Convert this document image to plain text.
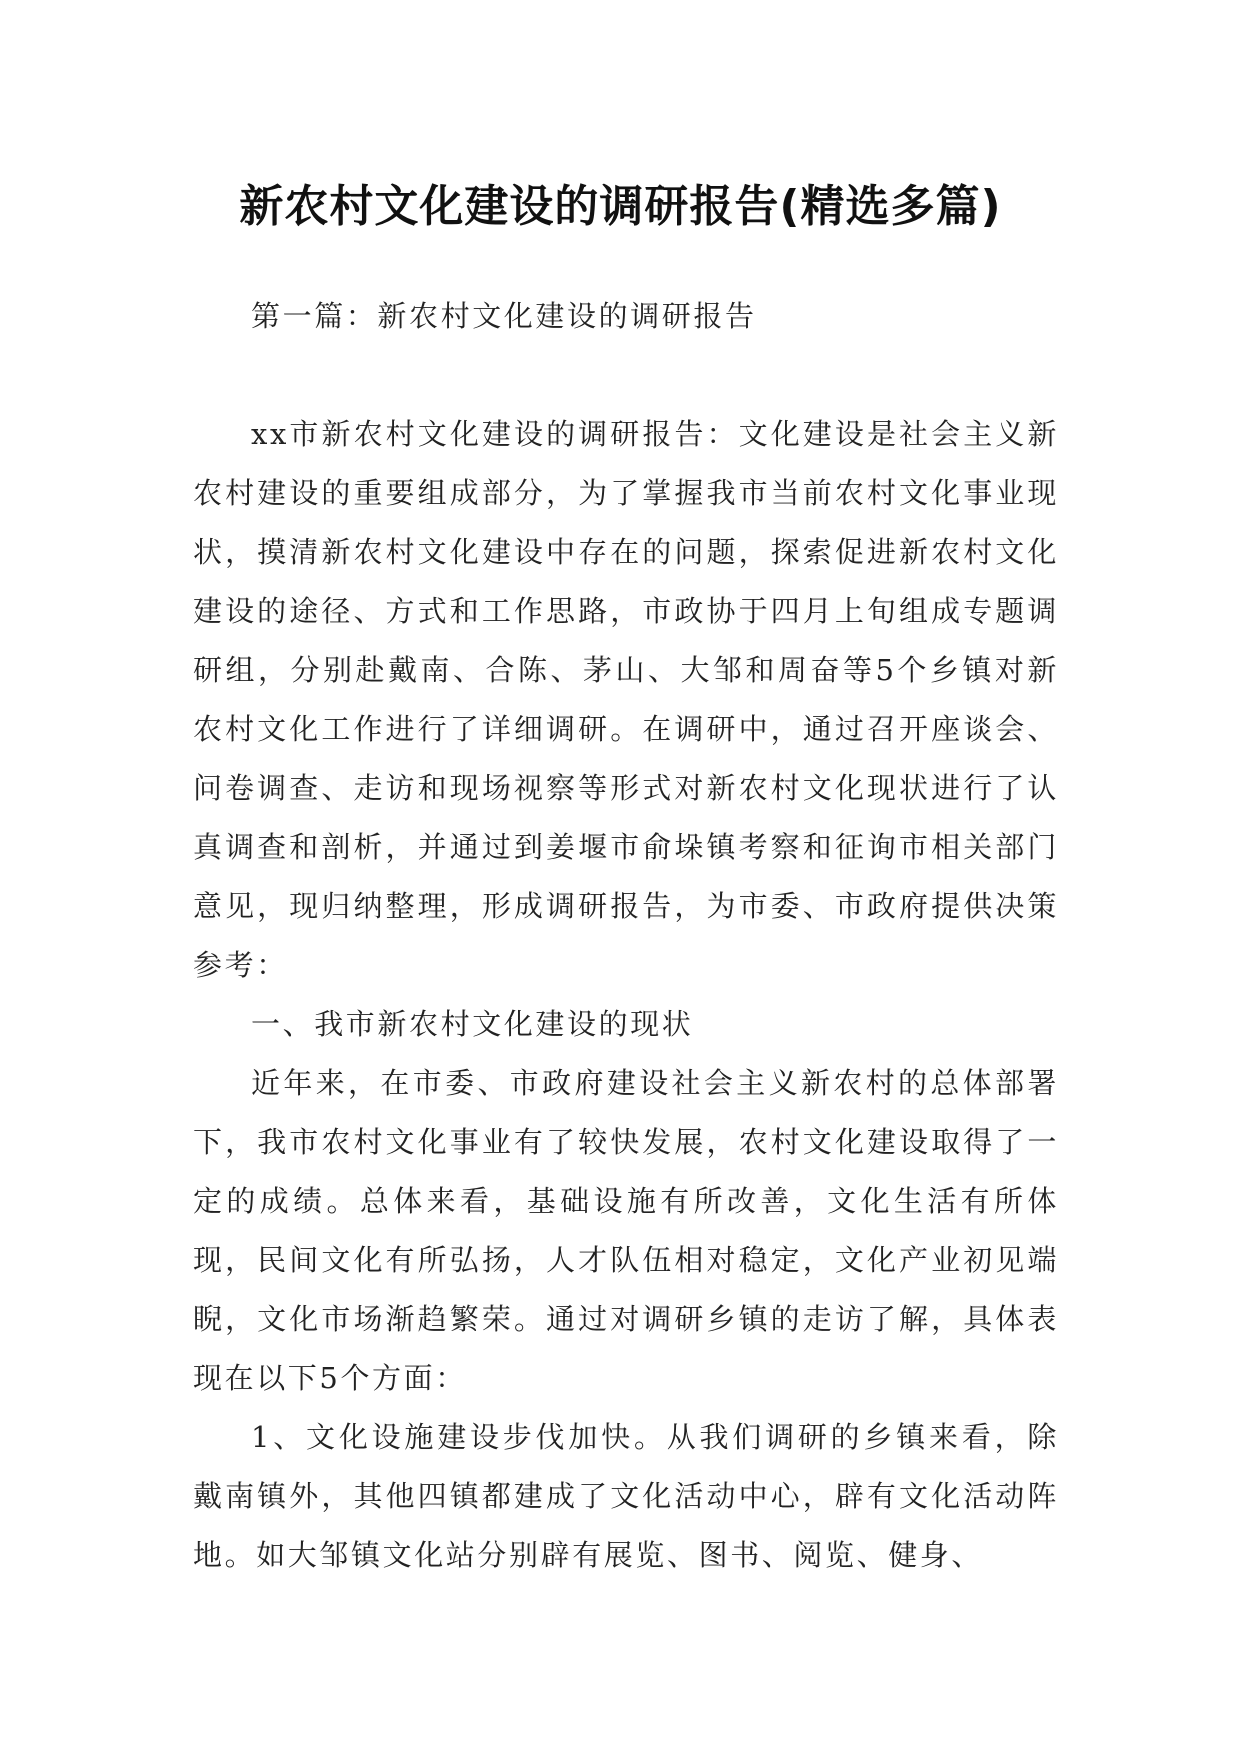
新农村文化建设的调研报告(精选多篇)

第一篇：新农村文化建设的调研报告

xx市新农村文化建设的调研报告：文化建设是社会主义新农村建设的重要组成部分，为了掌握我市当前农村文化事业现状，摸清新农村文化建设中存在的问题，探索促进新农村文化建设的途径、方式和工作思路，市政协于四月上旬组成专题调研组，分别赴戴南、合陈、茅山、大邹和周奋等5个乡镇对新农村文化工作进行了详细调研。在调研中，通过召开座谈会、问卷调查、走访和现场视察等形式对新农村文化现状进行了认真调查和剖析，并通过到姜堰市俞垛镇考察和征询市相关部门意见，现归纳整理，形成调研报告，为市委、市政府提供决策参考：

一、我市新农村文化建设的现状

近年来，在市委、市政府建设社会主义新农村的总体部署下，我市农村文化事业有了较快发展，农村文化建设取得了一定的成绩。总体来看，基础设施有所改善，文化生活有所体现，民间文化有所弘扬，人才队伍相对稳定，文化产业初见端睨，文化市场渐趋繁荣。通过对调研乡镇的走访了解，具体表现在以下5个方面：

1、文化设施建设步伐加快。从我们调研的乡镇来看，除戴南镇外，其他四镇都建成了文化活动中心，辟有文化活动阵地。如大邹镇文化站分别辟有展览、图书、阅览、健身、
